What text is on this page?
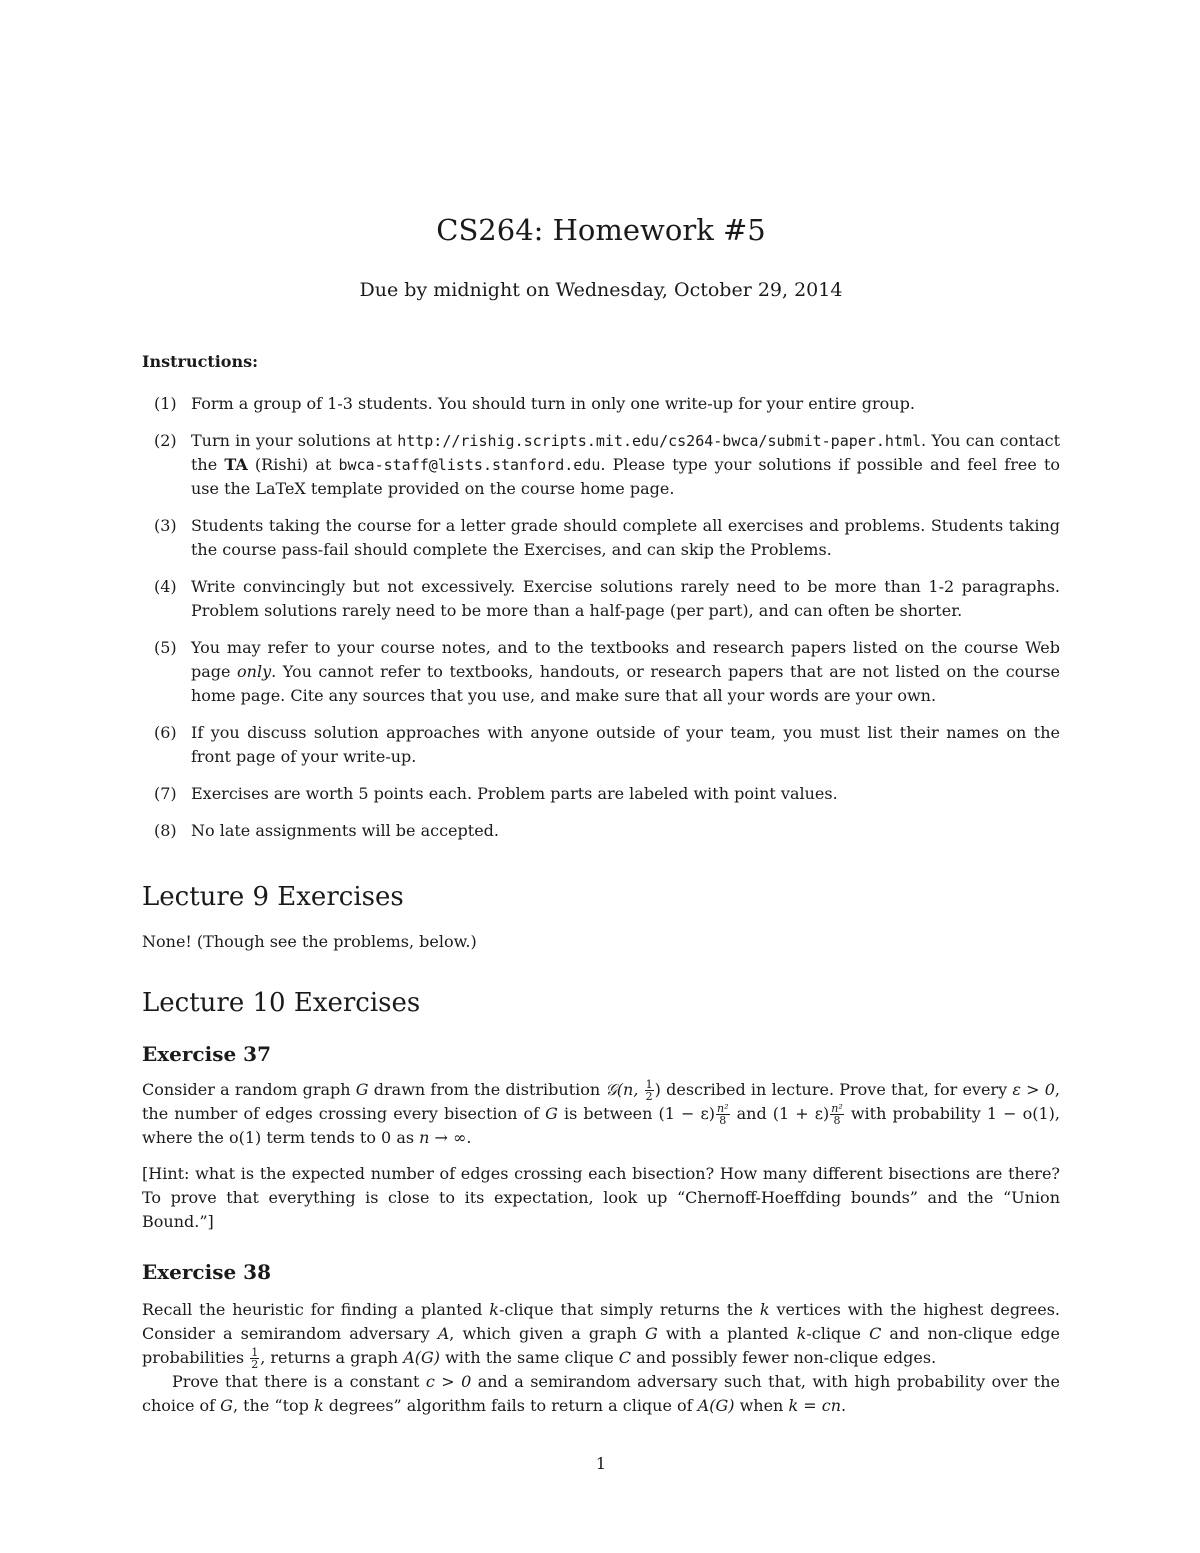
CS264: Homework #5
Due by midnight on Wednesday, October 29, 2014
Instructions:
(1) Form a group of 1-3 students. You should turn in only one write-up for your entire group.
(2) Turn in your solutions at http://rishig.scripts.mit.edu/cs264-bwca/submit-paper.html. You can contact the TA (Rishi) at bwca-staff@lists.stanford.edu. Please type your solutions if possible and feel free to use the LaTeX template provided on the course home page.
(3) Students taking the course for a letter grade should complete all exercises and problems. Students taking the course pass-fail should complete the Exercises, and can skip the Problems.
(4) Write convincingly but not excessively. Exercise solutions rarely need to be more than 1-2 paragraphs. Problem solutions rarely need to be more than a half-page (per part), and can often be shorter.
(5) You may refer to your course notes, and to the textbooks and research papers listed on the course Web page only. You cannot refer to textbooks, handouts, or research papers that are not listed on the course home page. Cite any sources that you use, and make sure that all your words are your own.
(6) If you discuss solution approaches with anyone outside of your team, you must list their names on the front page of your write-up.
(7) Exercises are worth 5 points each. Problem parts are labeled with point values.
(8) No late assignments will be accepted.
Lecture 9 Exercises
None! (Though see the problems, below.)
Lecture 10 Exercises
Exercise 37
Consider a random graph G drawn from the distribution 𝒢(n, $\frac{1}{2}$ ) described in lecture. Prove that, for every ε > 0, the number of edges crossing every bisection of G is between $(1 - \varepsilon) \frac{\text{n²}}{8}$ and $(1 + \varepsilon) \frac{\text{n²}}{8}$ with probability 1 − o(1), where the o(1) term tends to 0 as n → ∞.
[Hint: what is the expected number of edges crossing each bisection? How many different bisections are there? To prove that everything is close to its expectation, look up “Chernoff-Hoeffding bounds” and the “Union Bound.”]
Exercise 38
Recall the heuristic for finding a planted k-clique that simply returns the k vertices with the highest degrees. Consider a semirandom adversary A, which given a graph G with a planted k-clique C and non-clique edge probabilities $\frac{1}{2}$ , returns a graph A(G) with the same clique C and possibly fewer non-clique edges.
Prove that there is a constant c > 0 and a semirandom adversary such that, with high probability over the choice of G, the “top k degrees” algorithm fails to return a clique of A(G) when k = cn.
1
